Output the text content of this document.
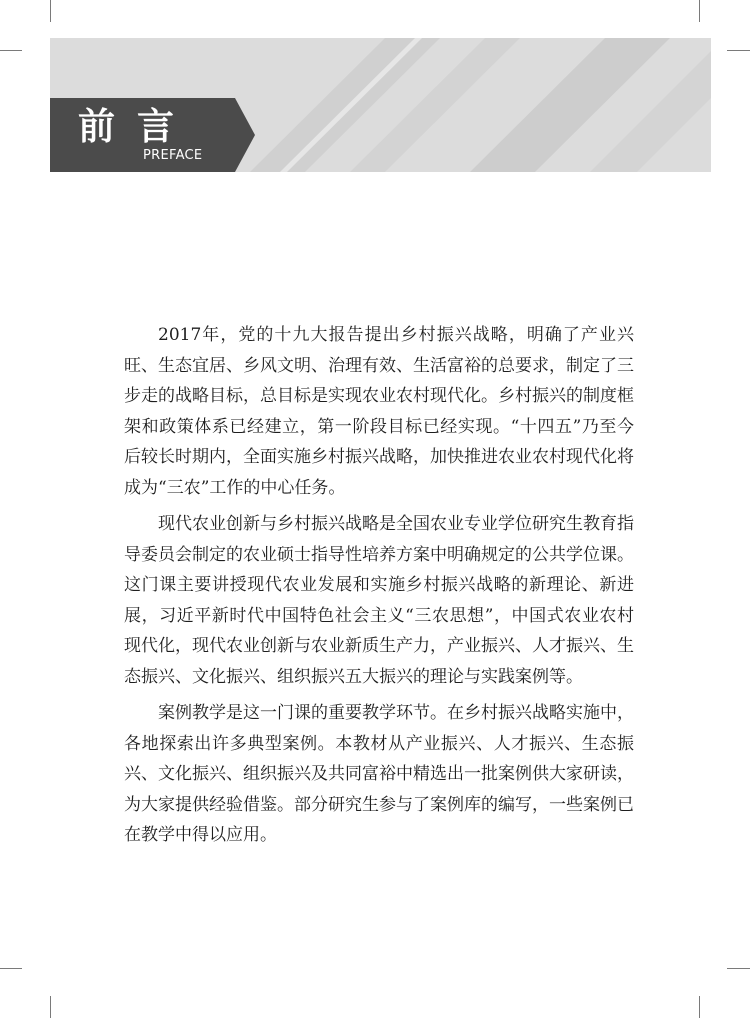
前言
PREFACE

2017年，党的十九大报告提出乡村振兴战略，明确了产业兴旺、生态宜居、乡风文明、治理有效、生活富裕的总要求，制定了三步走的战略目标，总目标是实现农业农村现代化。乡村振兴的制度框架和政策体系已经建立，第一阶段目标已经实现。“十四五”乃至今后较长时期内，全面实施乡村振兴战略，加快推进农业农村现代化将成为“三农”工作的中心任务。

现代农业创新与乡村振兴战略是全国农业专业学位研究生教育指导委员会制定的农业硕士指导性培养方案中明确规定的公共学位课。这门课主要讲授现代农业发展和实施乡村振兴战略的新理论、新进展，习近平新时代中国特色社会主义“三农思想”，中国式农业农村现代化，现代农业创新与农业新质生产力，产业振兴、人才振兴、生态振兴、文化振兴、组织振兴五大振兴的理论与实践案例等。

案例教学是这一门课的重要教学环节。在乡村振兴战略实施中，各地探索出许多典型案例。本教材从产业振兴、人才振兴、生态振兴、文化振兴、组织振兴及共同富裕中精选出一批案例供大家研读，为大家提供经验借鉴。部分研究生参与了案例库的编写，一些案例已在教学中得以应用。
